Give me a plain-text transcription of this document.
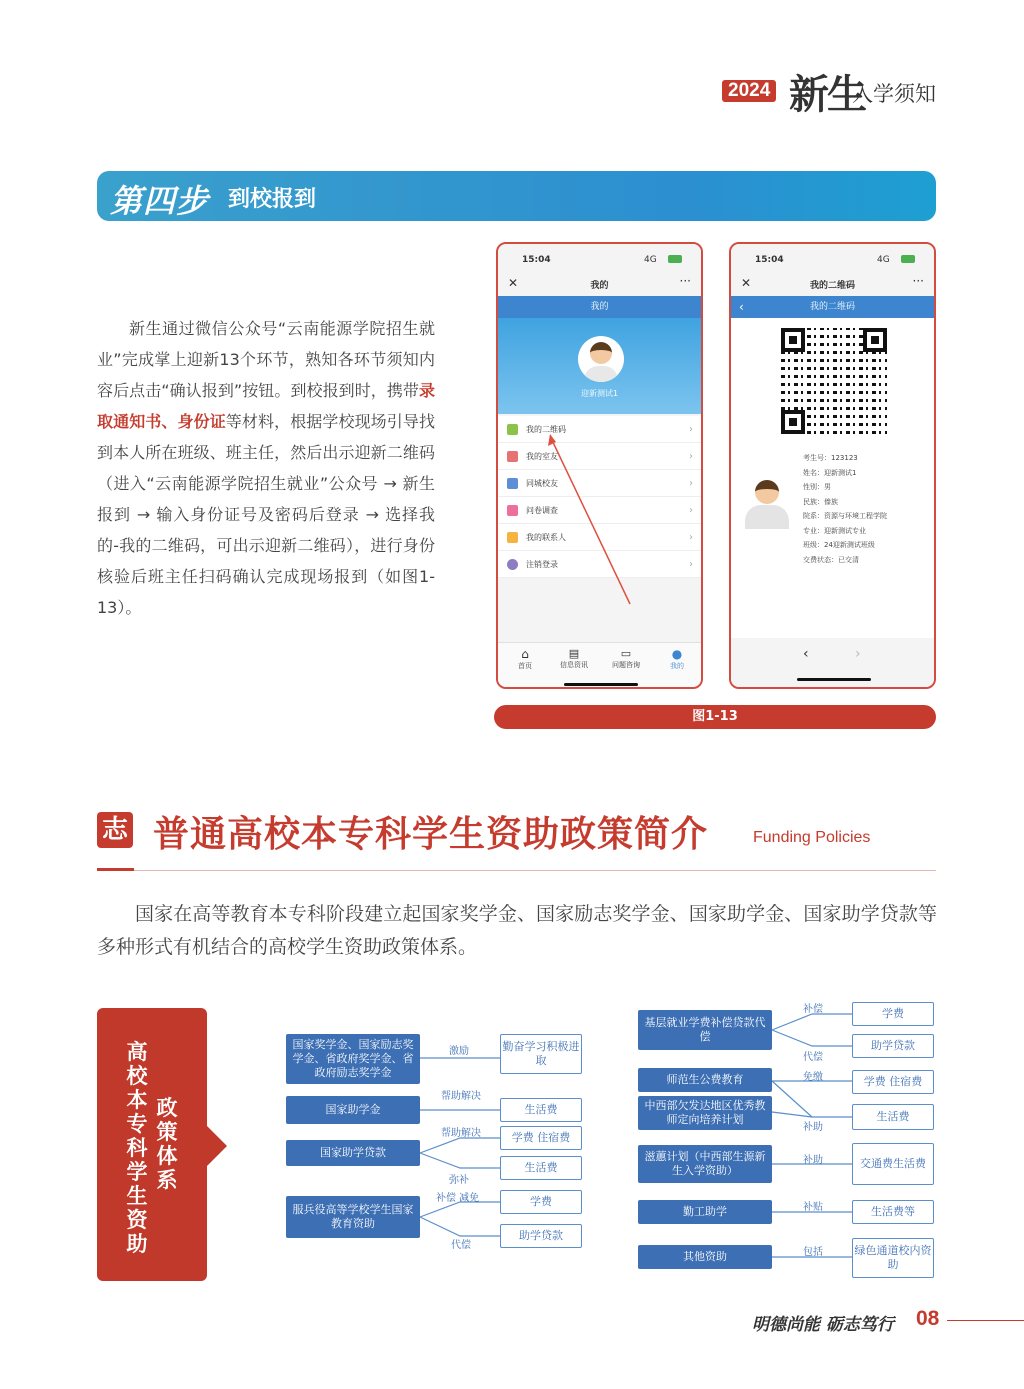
2024 新生
入学须知
第四步 到校报到
新生通过微信公众号“云南能源学院招生就业”完成掌上迎新13个环节，熟知各环节须知内容后点击“确认报到”按钮。到校报到时，携带录取通知书、身份证等材料，根据学校现场引导找到本人所在班级、班主任，然后出示迎新二维码（进入“云南能源学院招生就业”公众号 → 新生报到 → 输入身份证号及密码后登录 → 选择我的-我的二维码，可出示迎新二维码），进行身份核验后班主任扫码确认完成现场报到（如图1-13）。
15:04	4G
✕	我的	···
我的
迎新测试1
我的二维码	›
我的室友	›
同城校友	›
问卷调查	›
我的联系人	›
注销登录	›
⌂
首页
▤
信息资讯
▭
问题咨询
●
我的
15:04	4G
✕	我的二维码	···
‹	我的二维码
考生号：123123
姓名：迎新测试1
性别：男
民族：傣族
院系：资源与环境工程学院
专业：迎新测试专业
班级：24迎新测试班级
交费状态：已交清
‹	›
图1-13
志 普通高校本专科学生资助政策简介	Funding Policies
国家在高等教育本专科阶段建立起国家奖学金、国家励志奖学金、国家助学金、国家助学贷款等多种形式有机结合的高校学生资助政策体系。
高校本专科学生资助
政策体系
国家奖学金、国家励志奖学金、省政府奖学金、省政府励志奖学金
激励	勤奋学习积极进取
国家助学金
帮助解决
生活费
国家助学贷款
帮助解决	学费 住宿费
弥补
生活费
服兵役高等学校学生国家教育资助
补偿 减免	学费
代偿
助学贷款
基层就业学费补偿贷款代偿
补偿	学费
代偿
助学贷款
师范生公费教育	免缴	学费 住宿费
中西部欠发达地区优秀教师定向培养计划
补助
生活费
滋蕙计划（中西部生源新生入学资助）
补助	交通费生活费
勤工助学	补贴	生活费等
其他资助	包括	绿色通道校内资助
明德尚能 砺志笃行 08
